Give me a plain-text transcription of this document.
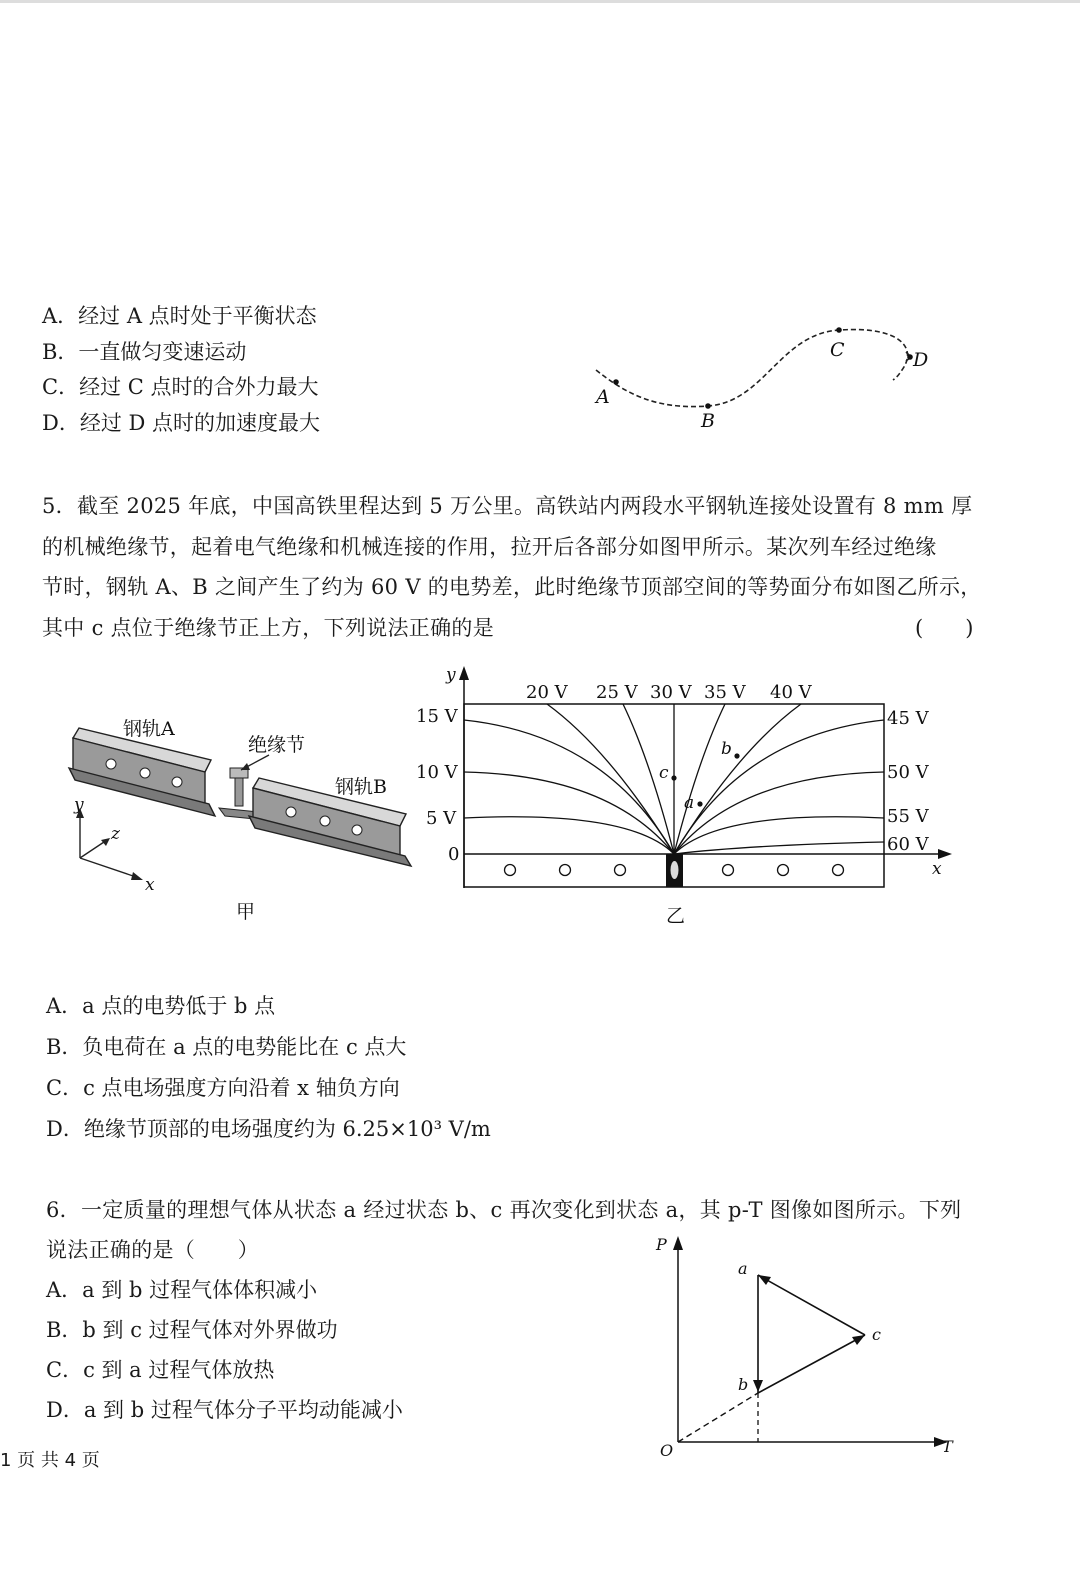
A．经过 A 点时处于平衡状态
B．一直做匀变速运动
C．经过 C 点时的合外力最大
D．经过 D 点时的加速度最大
A
B
C	D
5．截至 2025 年底，中国高铁里程达到 5 万公里。高铁站内两段水平钢轨连接处设置有 8 mm 厚
的机械绝缘节，起着电气绝缘和机械连接的作用，拉开后各部分如图甲所示。某次列车经过绝缘
节时，钢轨 A、B 之间产生了约为 60 V 的电势差，此时绝缘节顶部空间的等势面分布如图乙所示，
其中 c 点位于绝缘节正上方，下列说法正确的是	(　　)
钢轨A
绝缘节
钢轨B
y
z
x
甲
y
x
a
b
c
20 V 25 V 30 V 35 V 40 V
15 V
10 V
5 V
0
45 V
50 V
55 V
60 V
乙
A．a 点的电势低于 b 点
B．负电荷在 a 点的电势能比在 c 点大
C．c 点电场强度方向沿着 x 轴负方向
D．绝缘节顶部的电场强度约为 6.25×10³ V/m
6．一定质量的理想气体从状态 a 经过状态 b、c 再次变化到状态 a，其 p-T 图像如图所示。下列
说法正确的是（　　）
A．a 到 b 过程气体体积减小
B．b 到 c 过程气体对外界做功
C．c 到 a 过程气体放热
D．a 到 b 过程气体分子平均动能减小
P
T
O
a
b
c
1 页 共 4 页
